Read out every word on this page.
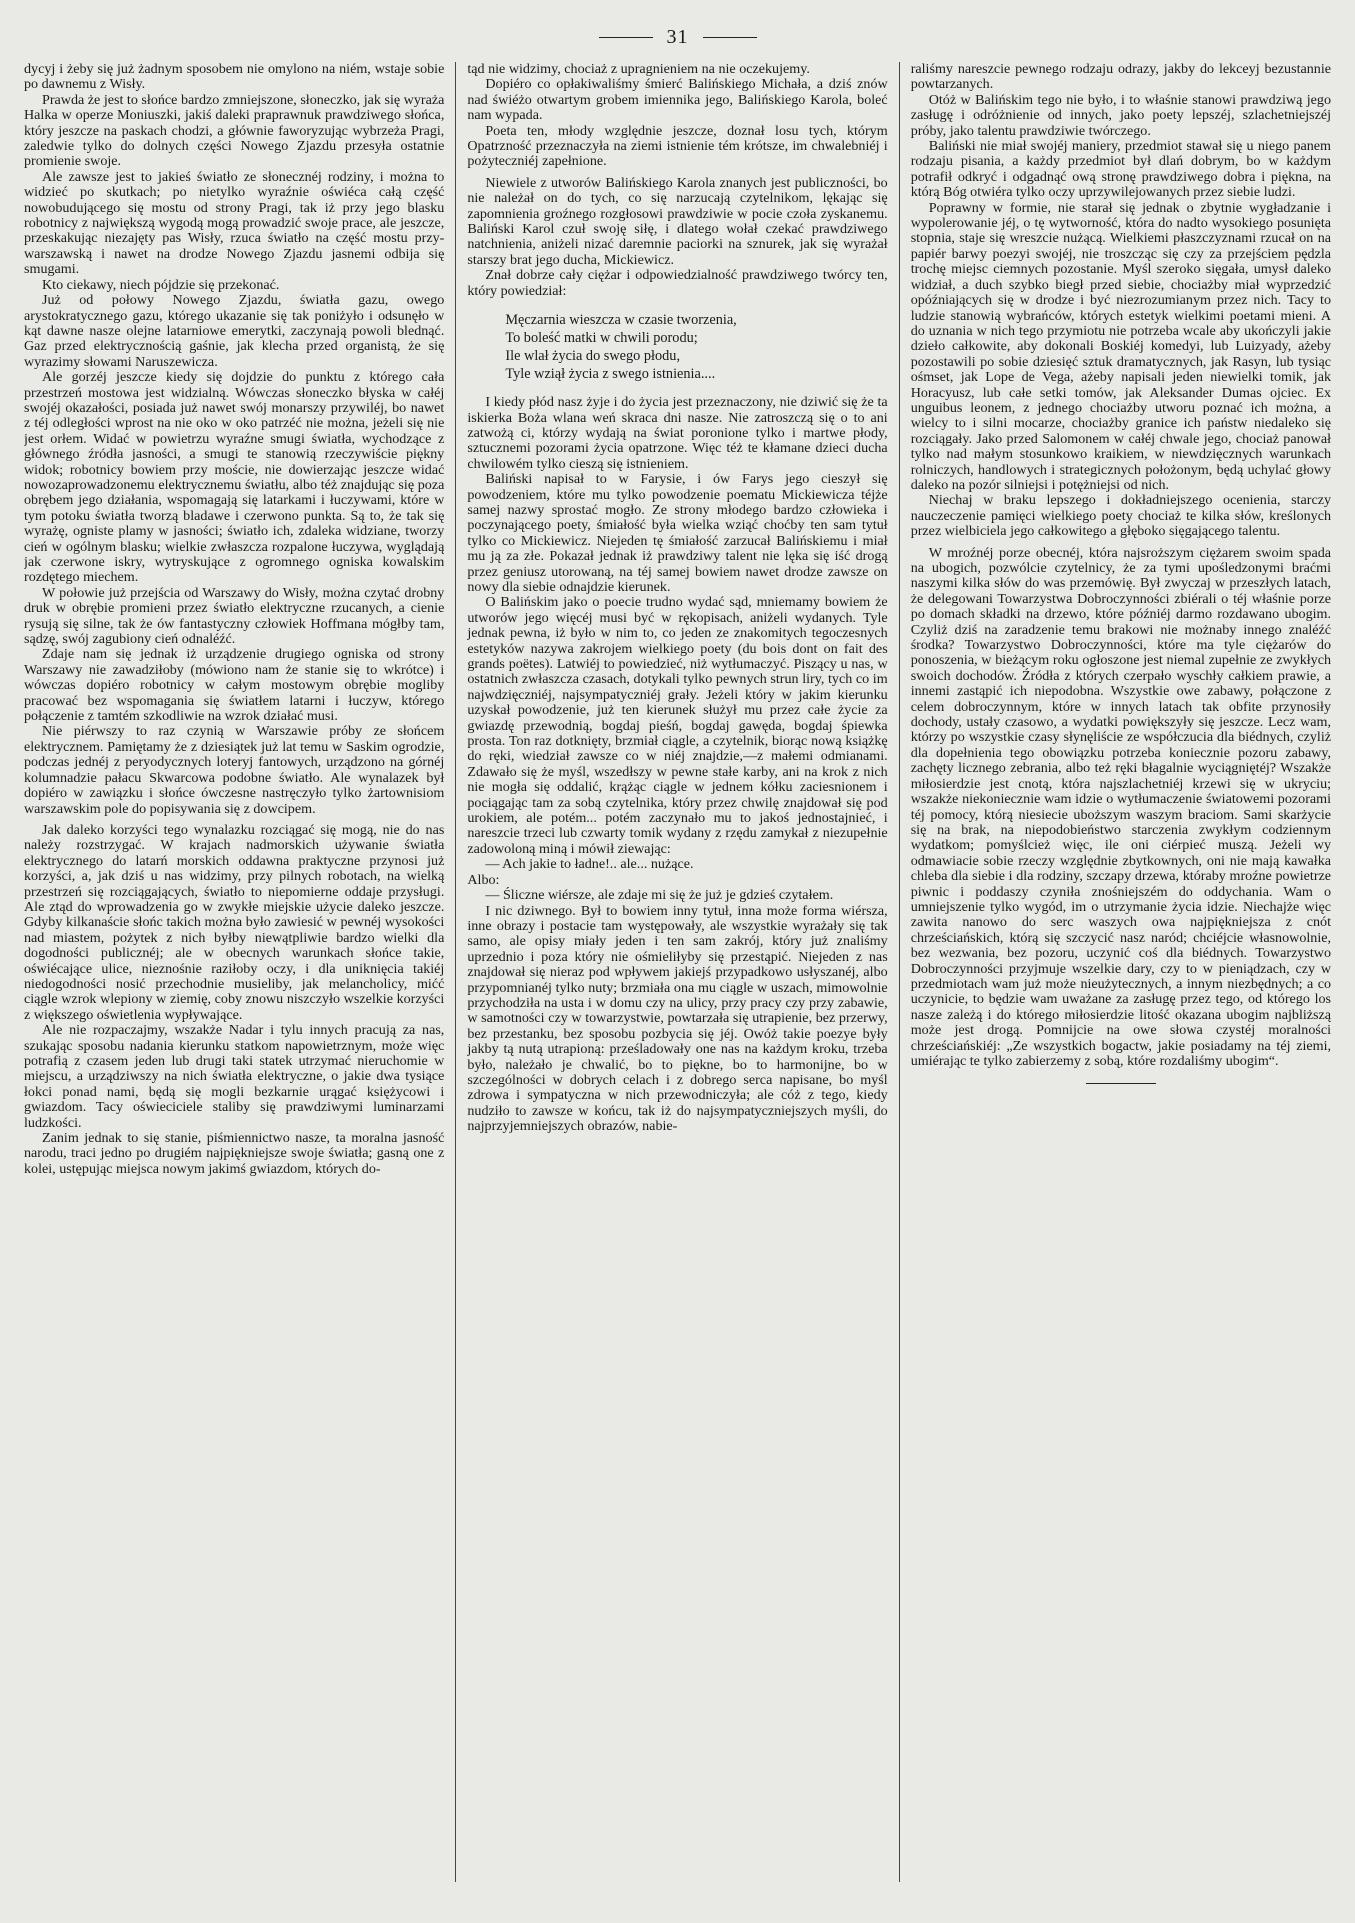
31

dycyj i żeby się już żadnym sposobem nie omylono na niém, wstaje sobie po dawnemu z Wisły.

Prawda że jest to słońce bardzo zmniejszone, słoneczko, jak się wyraża Halka w operze Moniuszki, jakiś daleki praprawnuk prawdziwego słońca, który jeszcze na paskach chodzi, a głównie faworyzując wybrzeża Pragi, zaledwie tylko do dolnych części Nowego Zjazdu przesyła ostatnie promienie swoje.

Ale zawsze jest to jakieś światło ze słonecznéj rodziny, i można to widzieć po skutkach; po nietylko wyraźnie oświéca całą część nowobudującego się mostu od strony Pragi, tak iż przy jego blasku robotnicy z największą wygodą mogą prowadzić swoje prace, ale jeszcze, przeskakując niezajęty pas Wisły, rzuca światło na część mostu przy-warszawską i nawet na drodze Nowego Zjazdu jasnemi odbija się smugami.

Kto ciekawy, niech pójdzie się przekonać.

Już od połowy Nowego Zjazdu, światła gazu, owego arystokratycznego gazu, którego ukazanie się tak poniżyło i odsunęło w kąt dawne nasze olejne latarniowe emerytki, zaczynają powoli blednąć. Gaz przed elektrycznością gaśnie, jak klecha przed organistą, że się wyrazimy słowami Naruszewicza.

Ale gorzéj jeszcze kiedy się dojdzie do punktu z którego cała przestrzeń mostowa jest widzialną. Wówczas słoneczko błyska w całéj swojéj okazałości, posiada już nawet swój monarszy przywiléj, bo nawet z téj odległości wprost na nie oko w oko patrzéć nie można, jeżeli się nie jest orłem. Widać w powietrzu wyraźne smugi światła, wychodzące z głównego źródła jasności, a smugi te stanowią rzeczywiście piękny widok; robotnicy bowiem przy moście, nie dowierzając jeszcze widać nowozaprowadzonemu elektrycznemu światłu, albo téż znajdując się poza obrębem jego działania, wspomagają się latarkami i łuczywami, które w tym potoku światła tworzą bladawe i czerwono punkta. Są to, że tak się wyrażę, ogniste plamy w jasności; światło ich, zdaleka widziane, tworzy cień w ogólnym blasku; wielkie zwłaszcza rozpalone łuczywa, wyglądają jak czerwone iskry, wytryskujące z ogromnego ogniska kowalskim rozdętego miechem.

W połowie już przejścia od Warszawy do Wisły, można czytać drobny druk w obrębie promieni przez światło elektryczne rzucanych, a cienie rysują się silne, tak że ów fantastyczny człowiek Hoffmana mógłby tam, sądzę, swój zagubiony cień odnaléźć.

Zdaje nam się jednak iż urządzenie drugiego ogniska od strony Warszawy nie zawadziłoby (mówiono nam że stanie się to wkrótce) i wówczas dopiéro robotnicy w całym mostowym obrębie mogliby pracować bez wspomagania się światłem latarni i łuczyw, którego połączenie z tamtém szkodliwie na wzrok działać musi.

Nie piérwszy to raz czynią w Warszawie próby ze słońcem elektrycznem. Pamiętamy że z dziesiątek już lat temu w Saskim ogrodzie, podczas jednéj z peryodycznych loteryj fantowych, urządzono na górnéj kolumnadzie pałacu Skwarcowa podobne światło. Ale wynalazek był dopiéro w zawiązku i słońce ówczesne nastręczyło tylko żartownisiom warszawskim pole do popisywania się z dowcipem.

Jak daleko korzyści tego wynalazku rozciągać się mogą, nie do nas należy rozstrzygać. W krajach nadmorskich używanie światła elektrycznego do latarń morskich oddawna praktyczne przynosi już korzyści, a, jak dziś u nas widzimy, przy pilnych robotach, na wielką przestrzeń się rozciągających, światło to niepomierne oddaje przysługi. Ale ztąd do wprowadzenia go w zwykłe miejskie użycie daleko jeszcze. Gdyby kilkanaście słońc takich można było zawiesić w pewnéj wysokości nad miastem, pożytek z nich byłby niewątpliwie bardzo wielki dla dogodności publicznéj; ale w obecnych warunkach słońce takie, oświécające ulice, nieznośnie raziłoby oczy, i dla uniknięcia takiéj niedogodności nosić przechodnie musieliby, jak melancholicy, mićć ciągle wzrok wlepiony w ziemię, coby znowu niszczyło wszelkie korzyści z większego oświetlenia wypływające.

Ale nie rozpaczajmy, wszakże Nadar i tylu innych pracują za nas, szukając sposobu nadania kierunku statkom napowietrznym, może więc potrafią z czasem jeden lub drugi taki statek utrzymać nieruchomie w miejscu, a urządziwszy na nich światła elektryczne, o jakie dwa tysiące łokci ponad nami, będą się mogli bezkarnie urągać księżycowi i gwiazdom. Tacy oświeciciele staliby się prawdziwymi luminarzami ludzkości.

Zanim jednak to się stanie, piśmiennictwo nasze, ta moralna jasność narodu, traci jedno po drugiém najpiękniejsze swoje światła; gasną one z kolei, ustępując miejsca nowym jakimś gwiazdom, których do-

tąd nie widzimy, chociaż z upragnieniem na nie oczekujemy.

Dopiéro co opłakiwaliśmy śmierć Balińskiego Michała, a dziś znów nad świéżo otwartym grobem imiennika jego, Balińskiego Karola, boleć nam wypada.

Poeta ten, młody względnie jeszcze, doznał losu tych, którym Opatrzność przeznaczyła na ziemi istnienie tém krótsze, im chwalebniéj i pożyteczniéj zapełnione.

Niewiele z utworów Balińskiego Karola znanych jest publiczności, bo nie należał on do tych, co się narzucają czytelnikom, lękając się zapomnienia groźnego rozgłosowi prawdziwie w pocie czoła zyskanemu. Baliński Karol czuł swoję siłę, i dlatego wołał czekać prawdziwego natchnienia, aniżeli nizać daremnie paciorki na sznurek, jak się wyrażał starszy brat jego ducha, Mickiewicz.

Znał dobrze cały ciężar i odpowiedzialność prawdziwego twórcy ten, który powiedział:

Męczarnia wieszcza w czasie tworzenia,
To boleść matki w chwili porodu;
Ile wlał życia do swego płodu,
Tyle wziął życia z swego istnienia....

I kiedy płód nasz żyje i do życia jest przeznaczony, nie dziwić się że ta iskierka Boża wlana weń skraca dni nasze. Nie zatroszczą się o to ani zatwożą ci, którzy wydają na świat poronione tylko i martwe płody, sztucznemi pozorami życia opatrzone. Więc téż te kłamane dzieci ducha chwilowém tylko cieszą się istnieniem.

Baliński napisał to w Farysie, i ów Farys jego cieszył się powodzeniem, które mu tylko powodzenie poematu Mickiewicza téjże samej nazwy sprostać mogło. Ze strony młodego bardzo człowieka i poczynającego poety, śmiałość była wielka wziąć choćby ten sam tytuł tylko co Mickiewicz. Niejeden tę śmiałość zarzucał Balińskiemu i miał mu ją za złe. Pokazał jednak iż prawdziwy talent nie lęka się iść drogą przez geniusz utorowaną, na téj samej bowiem nawet drodze zawsze on nowy dla siebie odnajdzie kierunek.

O Balińskim jako o poecie trudno wydać sąd, mniemamy bowiem że utworów jego więcéj musi być w rękopisach, aniżeli wydanych. Tyle jednak pewna, iż było w nim to, co jeden ze znakomitych tegoczesnych estetyków nazywa zakrojem wielkiego poety (du bois dont on fait des grands poëtes). Latwiéj to powiedzieć, niż wytłumaczyć. Piszący u nas, w ostatnich zwłaszcza czasach, dotykali tylko pewnych strun liry, tych co im najwdzięczniéj, najsympatyczniéj grały. Jeżeli który w jakim kierunku uzyskał powodzenie, już ten kierunek służył mu przez całe życie za gwiazdę przewodnią, bogdaj pieśń, bogdaj gawęda, bogdaj śpiewka prosta. Ton raz dotknięty, brzmiał ciągle, a czytelnik, biorąc nową książkę do ręki, wiedział zawsze co w niéj znajdzie,—z małemi odmianami. Zdawało się że myśl, wszedłszy w pewne stałe karby, ani na krok z nich nie mogła się oddalić, krążąc ciągle w jednem kółku zaciesnionem i pociągając tam za sobą czytelnika, który przez chwilę znajdował się pod urokiem, ale potém... potém zaczynało mu to jakoś jednostajnieć, i nareszcie trzeci lub czwarty tomik wydany z rzędu zamykał z niezupełnie zadowoloną miną i mówił ziewając:

— Ach jakie to ładne!.. ale... nużące.

Albo:

— Śliczne wiérsze, ale zdaje mi się że już je gdzieś czytałem.

I nic dziwnego. Był to bowiem inny tytuł, inna może forma wiérsza, inne obrazy i postacie tam występowały, ale wszystkie wyrażały się tak samo, ale opisy miały jeden i ten sam zakrój, który już znaliśmy uprzednio i poza który nie ośmieliłyby się przestąpić. Niejeden z nas znajdował się nieraz pod wpływem jakiejś przypadkowo usłyszanéj, albo przypomnianéj tylko nuty; brzmiała ona mu ciągle w uszach, mimowolnie przychodziła na usta i w domu czy na ulicy, przy pracy czy przy zabawie, w samotności czy w towarzystwie, powtarzała się utrapienie, bez przerwy, bez przestanku, bez sposobu pozbycia się jéj. Owóż takie poezye były jakby tą nutą utrapioną: prześladowały one nas na każdym kroku, trzeba było, należało je chwalić, bo to piękne, bo to harmonijne, bo w szczególności w dobrych celach i z dobrego serca napisane, bo myśl zdrowa i sympatyczna w nich przewodniczyła; ale cóż z tego, kiedy nudziło to zawsze w końcu, tak iż do najsympatyczniejszych myśli, do najprzyjemniejszych obrazów, nabie-

raliśmy nareszcie pewnego rodzaju odrazy, jakby do lekceyj bezustannie powtarzanych.

Otóż w Balińskim tego nie było, i to właśnie stanowi prawdziwą jego zasługę i odróżnienie od innych, jako poety lepszéj, szlachetniejszéj próby, jako talentu prawdziwie twórczego.

Baliński nie miał swojéj maniery, przedmiot stawał się u niego panem rodzaju pisania, a każdy przedmiot był dlań dobrym, bo w każdym potrafił odkryć i odgadnąć ową stronę prawdziwego dobra i piękna, na którą Bóg otwiéra tylko oczy uprzywilejowanych przez siebie ludzi.

Poprawny w formie, nie starał się jednak o zbytnie wygładzanie i wypolerowanie jéj, o tę wytworność, która do nadto wysokiego posunięta stopnia, staje się wreszcie nużącą. Wielkiemi płaszczyznami rzucał on na papiér barwy poezyi swojéj, nie troszcząc się czy za przejściem pędzla trochę miejsc ciemnych pozostanie. Myśl szeroko sięgała, umysł daleko widział, a duch szybko biegł przed siebie, chociażby miał wyprzedzić opóźniających się w drodze i być niezrozumianym przez nich. Tacy to ludzie stanowią wybrańców, których estetyk wielkimi poetami mieni. A do uznania w nich tego przymiotu nie potrzeba wcale aby ukończyli jakie dzieło całkowite, aby dokonali Boskiéj komedyi, lub Luizyady, ażeby pozostawili po sobie dziesięć sztuk dramatycznych, jak Rasyn, lub tysiąc ośmset, jak Lope de Vega, ażeby napisali jeden niewielki tomik, jak Horacyusz, lub całe setki tomów, jak Aleksander Dumas ojciec. Ex unguibus leonem, z jednego chociażby utworu poznać ich można, a wielcy to i silni mocarze, chociażby granice ich państw niedaleko się rozciągały. Jako przed Salomonem w całéj chwale jego, chociaż panował tylko nad małym stosunkowo kraikiem, w niewdzięcznych warunkach rolniczych, handlowych i strategicznych położonym, będą uchylać głowy daleko na pozór silniejsi i potężniejsi od nich.

Niechaj w braku lepszego i dokładniejszego ocenienia, starczy nauczeczenie pamięci wielkiego poety chociaż te kilka słów, kreślonych przez wielbiciela jego całkowitego a głęboko sięgającego talentu.

W mroźnéj porze obecnéj, która najsroższym ciężarem swoim spada na ubogich, pozwólcie czytelnicy, że za tymi upośledzonymi braćmi naszymi kilka słów do was przemówię. Był zwyczaj w przeszłych latach, że delegowani Towarzystwa Dobroczynności zbiérali o téj właśnie porze po domach składki na drzewo, które późniéj darmo rozdawano ubogim. Czyliż dziś na zaradzenie temu brakowi nie możnaby innego znaléźć środka? Towarzystwo Dobroczynności, które ma tyle ciężarów do ponoszenia, w bieżącym roku ogłoszone jest niemal zupełnie ze zwykłych swoich dochodów. Źródła z których czerpało wyschły całkiem prawie, a innemi zastąpić ich niepodobna. Wszystkie owe zabawy, połączone z celem dobroczynnym, które w innych latach tak obfite przynosiły dochody, ustały czasowo, a wydatki powiększyły się jeszcze. Lecz wam, którzy po wszystkie czasy słynęliście ze współczucia dla biédnych, czyliż dla dopełnienia tego obowiązku potrzeba koniecznie pozoru zabawy, zachęty licznego zebrania, albo też ręki błagalnie wyciągniętéj? Wszakże miłosierdzie jest cnotą, która najszlachetniéj krzewi się w ukryciu; wszakże niekoniecznie wam idzie o wytłumaczenie światowemi pozorami téj pomocy, którą niesiecie uboższym waszym braciom. Sami skarżycie się na brak, na niepodobieństwo starczenia zwykłym codziennym wydatkom; pomyślcież więc, ile oni ciérpieć muszą. Jeżeli wy odmawiacie sobie rzeczy względnie zbytkownych, oni nie mają kawałka chleba dla siebie i dla rodziny, szczapy drzewa, któraby mroźne powietrze piwnic i poddaszy czyniła znośniejszém do oddychania. Wam o umniejszenie tylko wygód, im o utrzymanie życia idzie. Niechajże więc zawita nanowo do serc waszych owa najpiękniejsza z cnót chrześciańskich, którą się szczycić nasz naród; chciéjcie własnowolnie, bez wezwania, bez pozoru, uczynić coś dla biédnych. Towarzystwo Dobroczynności przyjmuje wszelkie dary, czy to w pieniądzach, czy w przedmiotach wam już może nieużytecznych, a innym niezbędnych; a co uczynicie, to będzie wam uważane za zasługę przez tego, od którego los nasze zależą i do którego miłosierdzie litość okazana ubogim najbliższą może jest drogą. Pomnijcie na owe słowa czystéj moralności chrześciańskiéj: „Ze wszystkich bogactw, jakie posiadamy na téj ziemi, umiérając te tylko zabierzemy z sobą, które rozdaliśmy ubogim“.
